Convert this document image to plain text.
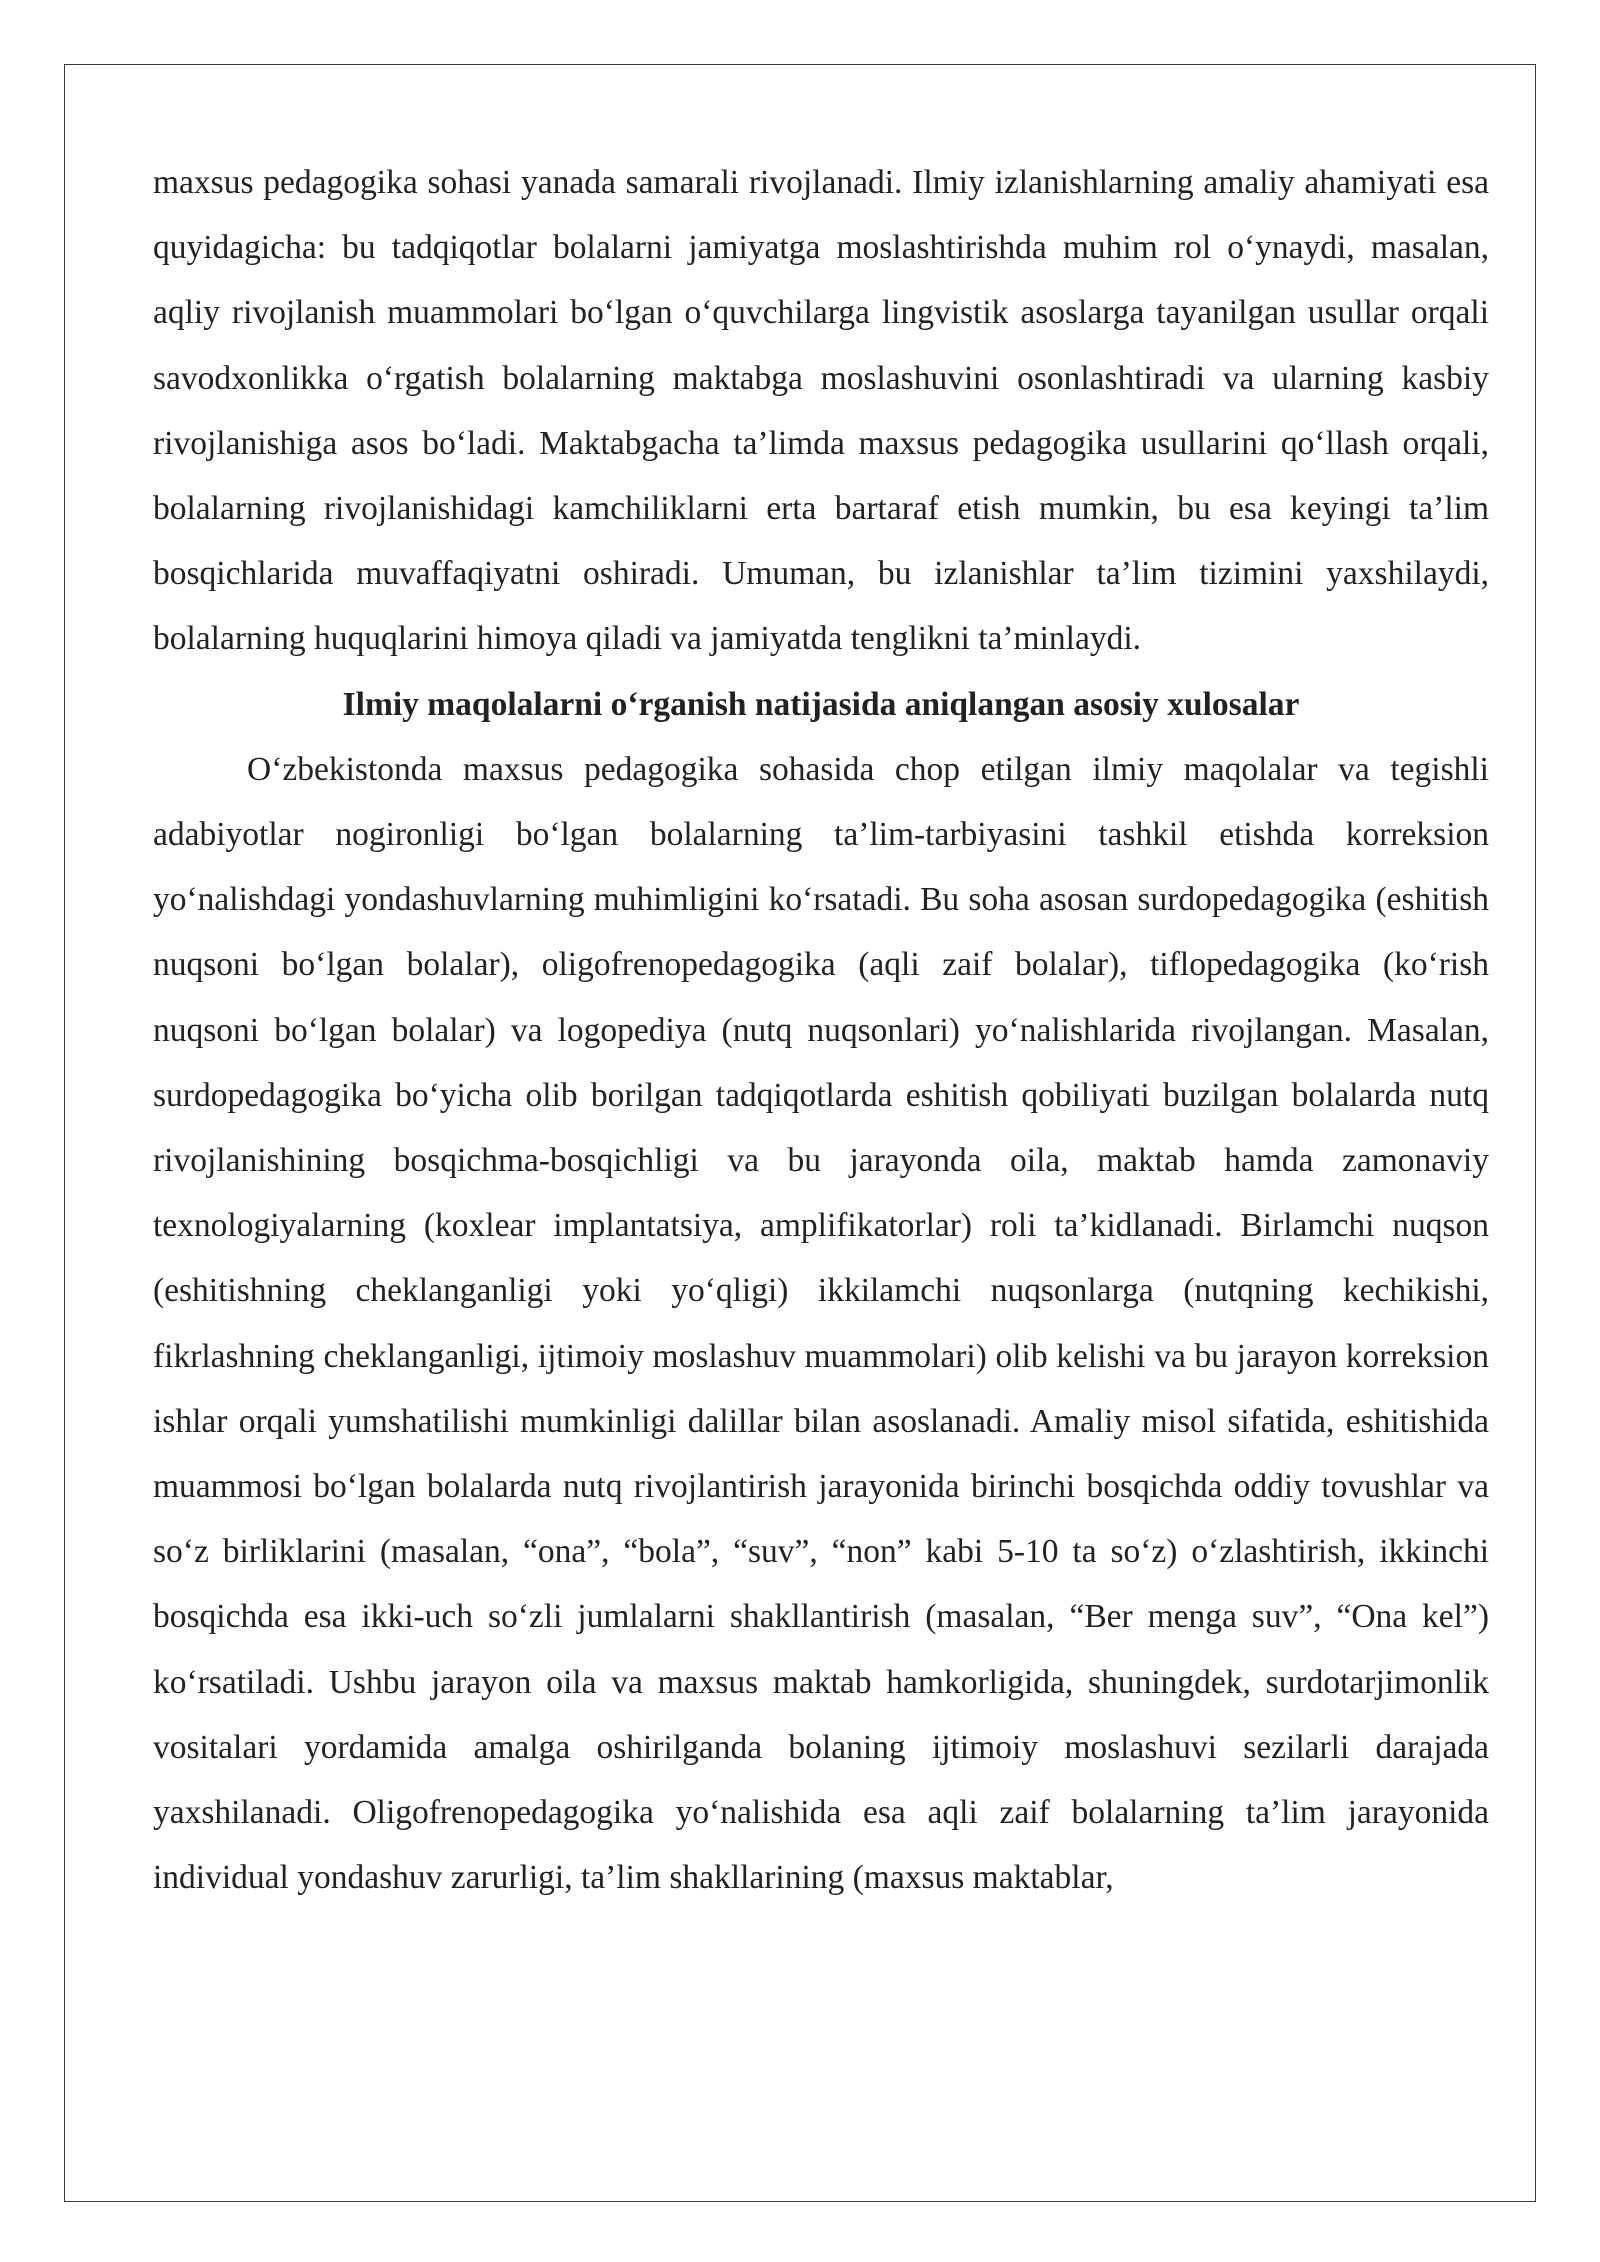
maxsus pedagogika sohasi yanada samarali rivojlanadi. Ilmiy izlanishlarning amaliy ahamiyati esa quyidagicha: bu tadqiqotlar bolalarni jamiyatga moslashtirishda muhim rol o‘ynaydi, masalan, aqliy rivojlanish muammolari bo‘lgan o‘quvchilarga lingvistik asoslarga tayanilgan usullar orqali savodxonlikka o‘rgatish bolalarning maktabga moslashuvini osonlashtiradi va ularning kasbiy rivojlanishiga asos bo‘ladi. Maktabgacha ta’limda maxsus pedagogika usullarini qo‘llash orqali, bolalarning rivojlanishidagi kamchiliklarni erta bartaraf etish mumkin, bu esa keyingi ta’lim bosqichlarida muvaffaqiyatni oshiradi. Umuman, bu izlanishlar ta’lim tizimini yaxshilaydi, bolalarning huquqlarini himoya qiladi va jamiyatda tenglikni ta’minlaydi.

Ilmiy maqolalarni o‘rganish natijasida aniqlangan asosiy xulosalar

O‘zbekistonda maxsus pedagogika sohasida chop etilgan ilmiy maqolalar va tegishli adabiyotlar nogironligi bo‘lgan bolalarning ta’lim-tarbiyasini tashkil etishda korreksion yo‘nalishdagi yondashuvlarning muhimligini ko‘rsatadi. Bu soha asosan surdopedagogika (eshitish nuqsoni bo‘lgan bolalar), oligofrenopedagogika (aqli zaif bolalar), tiflopedagogika (ko‘rish nuqsoni bo‘lgan bolalar) va logopediya (nutq nuqsonlari) yo‘nalishlarida rivojlangan. Masalan, surdopedagogika bo‘yicha olib borilgan tadqiqotlarda eshitish qobiliyati buzilgan bolalarda nutq rivojlanishining bosqichma-bosqichligi va bu jarayonda oila, maktab hamda zamonaviy texnologiyalarning (koxlear implantatsiya, amplifikatorlar) roli ta’kidlanadi. Birlamchi nuqson (eshitishning cheklanganligi yoki yo‘qligi) ikkilamchi nuqsonlarga (nutqning kechikishi, fikrlashning cheklanganligi, ijtimoiy moslashuv muammolari) olib kelishi va bu jarayon korreksion ishlar orqali yumshatilishi mumkinligi dalillar bilan asoslanadi. Amaliy misol sifatida, eshitishida muammosi bo‘lgan bolalarda nutq rivojlantirish jarayonida birinchi bosqichda oddiy tovushlar va so‘z birliklarini (masalan, “ona”, “bola”, “suv”, “non” kabi 5-10 ta so‘z) o‘zlashtirish, ikkinchi bosqichda esa ikki-uch so‘zli jumlalarni shakllantirish (masalan, “Ber menga suv”, “Ona kel”) ko‘rsatiladi. Ushbu jarayon oila va maxsus maktab hamkorligida, shuningdek, surdotarjimonlik vositalari yordamida amalga oshirilganda bolaning ijtimoiy moslashuvi sezilarli darajada yaxshilanadi. Oligofrenopedagogika yo‘nalishida esa aqli zaif bolalarning ta’lim jarayonida individual yondashuv zarurligi, ta’lim shakllarining (maxsus maktablar,
